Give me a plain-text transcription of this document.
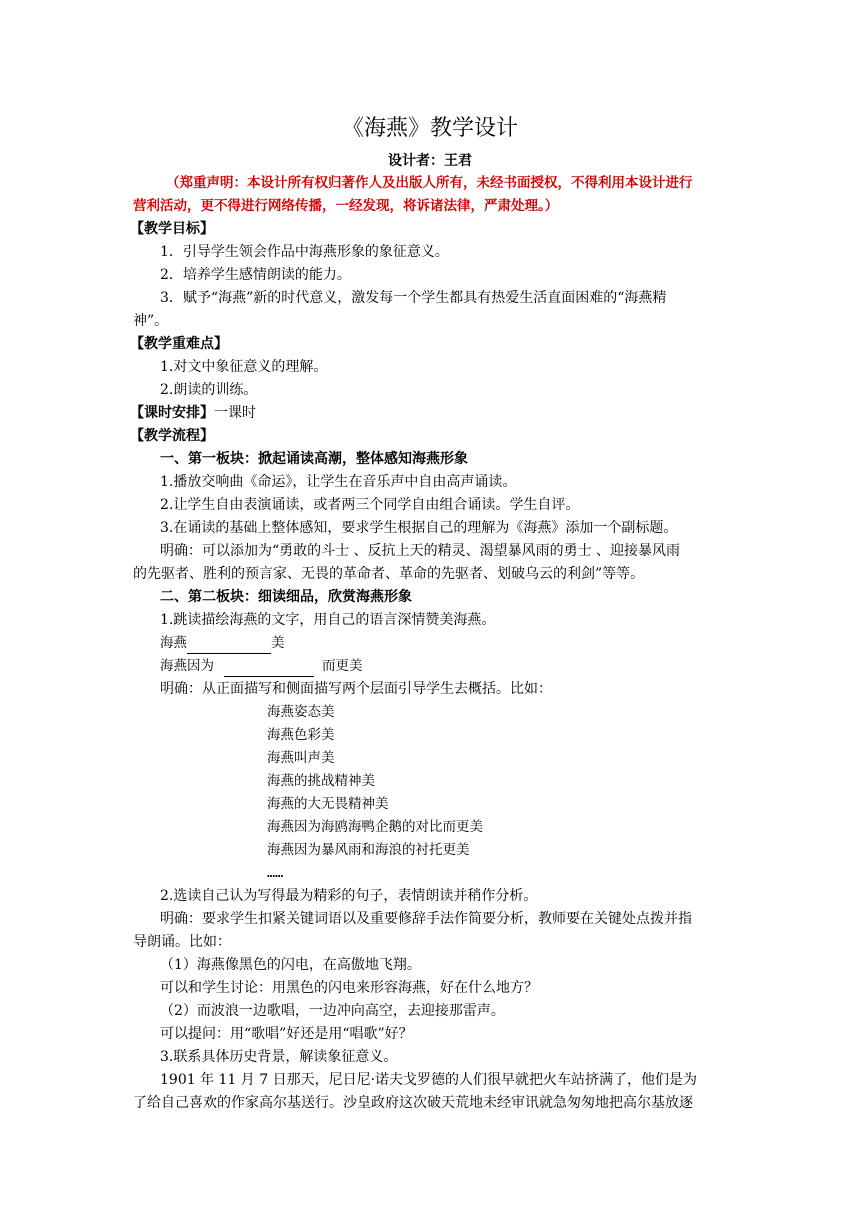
《海燕》教学设计
设计者：王君
（郑重声明：本设计所有权归著作人及出版人所有，未经书面授权，不得利用本设计进行
营利活动，更不得进行网络传播，一经发现，将诉诸法律，严肃处理。）
【教学目标】
1．引导学生领会作品中海燕形象的象征意义。
2．培养学生感情朗读的能力。
3．赋予“海燕”新的时代意义，激发每一个学生都具有热爱生活直面困难的“海燕精
神”。
【教学重难点】
1.对文中象征意义的理解。
2.朗读的训练。
【课时安排】一课时
【教学流程】
一、第一板块：掀起诵读高潮，整体感知海燕形象
1.播放交响曲《命运》，让学生在音乐声中自由高声诵读。
2.让学生自由表演诵读，或者两三个同学自由组合诵读。学生自评。
3.在诵读的基础上整体感知，要求学生根据自己的理解为《海燕》添加一个副标题。
明确：可以添加为“勇敢的斗士 、反抗上天的精灵、渴望暴风雨的勇士 、迎接暴风雨
的先驱者、胜利的预言家、无畏的革命者、革命的先驱者、划破乌云的利剑”等等。
二、第二板块：细读细品，欣赏海燕形象
1.跳读描绘海燕的文字，用自己的语言深情赞美海燕。
海燕	美
海燕因为	而更美
明确：从正面描写和侧面描写两个层面引导学生去概括。比如：
海燕姿态美
海燕色彩美
海燕叫声美
海燕的挑战精神美
海燕的大无畏精神美
海燕因为海鸥海鸭企鹅的对比而更美
海燕因为暴风雨和海浪的衬托更美
……
2.选读自己认为写得最为精彩的句子，表情朗读并稍作分析。
明确：要求学生扣紧关键词语以及重要修辞手法作简要分析，教师要在关键处点拨并指
导朗诵。比如：
（1）海燕像黑色的闪电，在高傲地飞翔。
可以和学生讨论：用黑色的闪电来形容海燕，好在什么地方？
（2）而波浪一边歌唱，一边冲向高空，去迎接那雷声。
可以提问：用“歌唱”好还是用“唱歌”好？
3.联系具体历史背景，解读象征意义。
1901 年 11 月 7 日那天，尼日尼·诺夫戈罗德的人们很早就把火车站挤满了，他们是为
了给自己喜欢的作家高尔基送行。沙皇政府这次破天荒地未经审讯就急匆匆地把高尔基放逐
